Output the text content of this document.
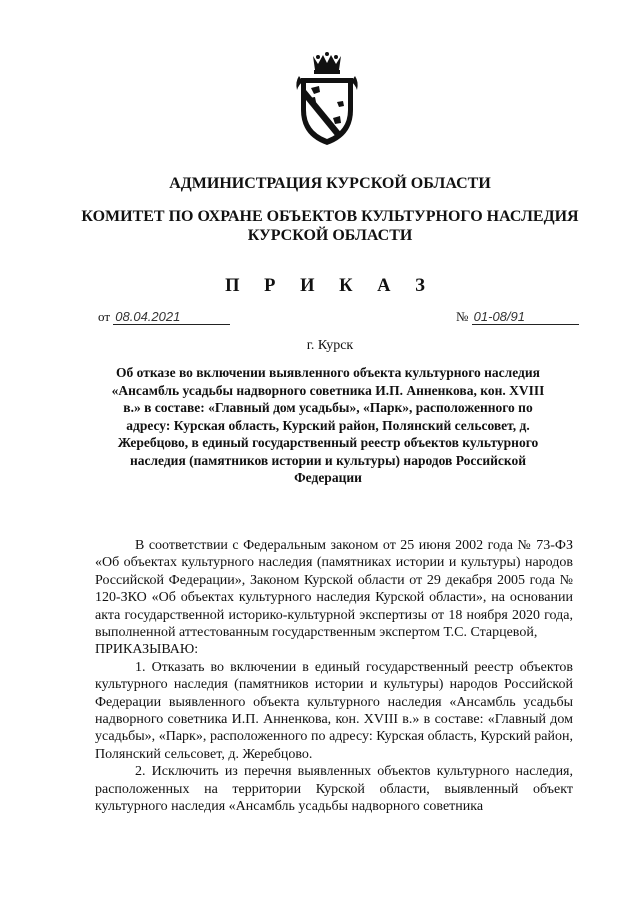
АДМИНИСТРАЦИЯ КУРСКОЙ ОБЛАСТИ
КОМИТЕТ ПО ОХРАНЕ ОБЪЕКТОВ КУЛЬТУРНОГО НАСЛЕДИЯ
КУРСКОЙ ОБЛАСТИ
П Р И К А З
от 08.04.2021	№ 01-08/91
г. Курск

Об отказе во включении выявленного объекта культурного наследия «Ансамбль усадьбы надворного советника И.П. Анненкова, кон. XVIII в.» в составе: «Главный дом усадьбы», «Парк», расположенного по адресу: Курская область, Курский район, Полянский сельсовет, д. Жеребцово, в единый государственный реестр объектов культурного наследия (памятников истории и культуры) народов Российской Федерации

В соответствии с Федеральным законом от 25 июня 2002 года № 73-ФЗ «Об объектах культурного наследия (памятниках истории и культуры) народов Российской Федерации», Законом Курской области от 29 декабря 2005 года № 120-ЗКО «Об объектах культурного наследия Курской области», на основании акта государственной историко-культурной экспертизы от 18 ноября 2020 года, выполненной аттестованным государственным экспертом Т.С. Старцевой,

ПРИКАЗЫВАЮ:

1. Отказать во включении в единый государственный реестр объектов культурного наследия (памятников истории и культуры) народов Российской Федерации выявленного объекта культурного наследия «Ансамбль усадьбы надворного советника И.П. Анненкова, кон. XVIII в.» в составе: «Главный дом усадьбы», «Парк», расположенного по адресу: Курская область, Курский район, Полянский сельсовет, д. Жеребцово.

2. Исключить из перечня выявленных объектов культурного наследия, расположенных на территории Курской области, выявленный объект культурного наследия «Ансамбль усадьбы надворного советника
